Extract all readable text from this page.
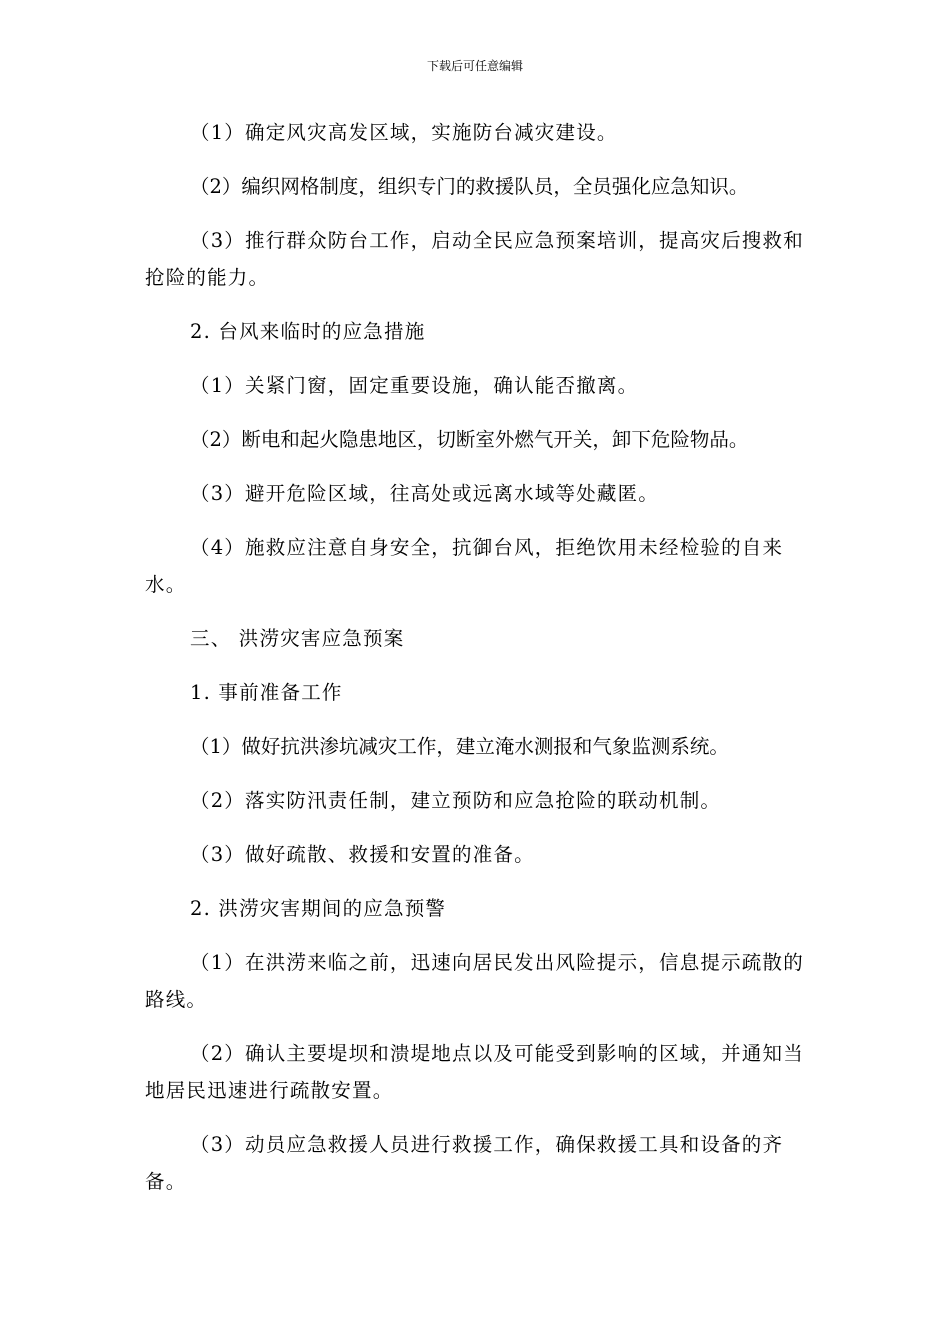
下载后可任意编辑

（1）确定风灾高发区域，实施防台减灾建设。

（2）编织网格制度，组织专门的救援队员，全员强化应急知识。

（3）推行群众防台工作，启动全民应急预案培训，提高灾后搜救和抢险的能力。

2. 台风来临时的应急措施

（1）关紧门窗，固定重要设施，确认能否撤离。

（2）断电和起火隐患地区，切断室外燃气开关，卸下危险物品。

（3）避开危险区域，往高处或远离水域等处藏匿。

（4）施救应注意自身安全，抗御台风，拒绝饮用未经检验的自来水。

三、 洪涝灾害应急预案

1. 事前准备工作

（1）做好抗洪渗坑减灾工作，建立淹水测报和气象监测系统。

（2）落实防汛责任制，建立预防和应急抢险的联动机制。

（3）做好疏散、救援和安置的准备。

2. 洪涝灾害期间的应急预警

（1）在洪涝来临之前，迅速向居民发出风险提示，信息提示疏散的路线。

（2）确认主要堤坝和溃堤地点以及可能受到影响的区域，并通知当地居民迅速进行疏散安置。

（3）动员应急救援人员进行救援工作，确保救援工具和设备的齐备。
